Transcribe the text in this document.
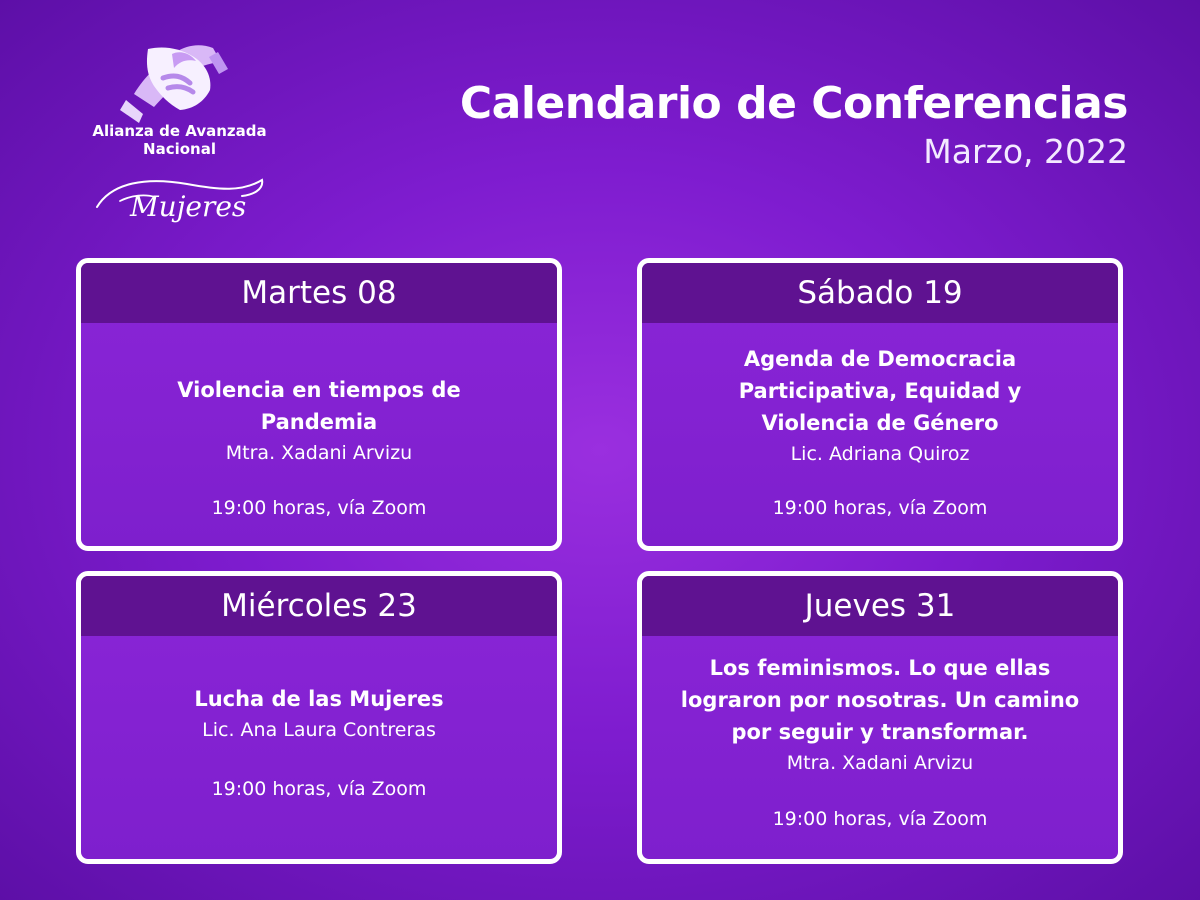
Alianza de Avanzada
Nacional
Mujeres
Calendario de Conferencias
Marzo, 2022
Martes 08
Violencia en tiempos de
Pandemia
Mtra. Xadani Arvizu
19:00 horas, vía Zoom
Sábado 19
Agenda de Democracia
Participativa, Equidad y
Violencia de Género
Lic. Adriana Quiroz
19:00 horas, vía Zoom
Miércoles 23
Lucha de las Mujeres
Lic. Ana Laura Contreras
19:00 horas, vía Zoom
Jueves 31
Los feminismos. Lo que ellas
lograron por nosotras. Un camino
por seguir y transformar.
Mtra. Xadani Arvizu
19:00 horas, vía Zoom
